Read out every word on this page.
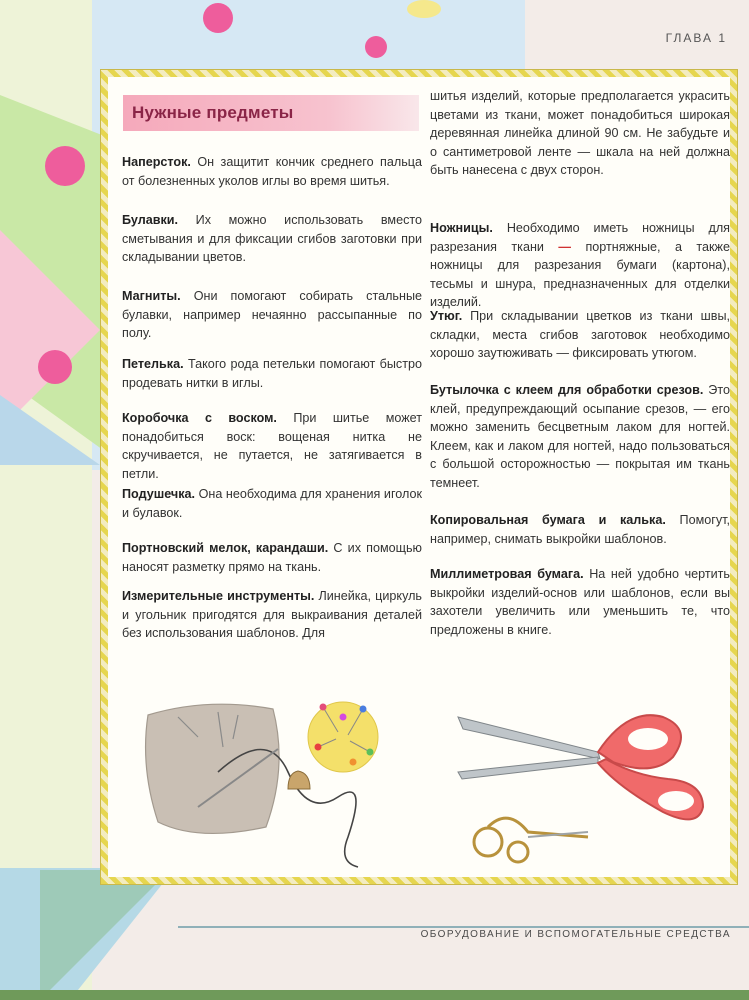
ГЛАВА 1
ОБОРУДОВАНИЕ И ВСПОМОГАТЕЛЬНЫЕ СРЕДСТВА
Нужные предметы

Наперсток. Он защитит кончик среднего пальца от болезненных уколов иглы во время шитья.

Булавки. Их можно использовать вместо сметывания и для фиксации сгибов заготовки при складывании цветов.

Магниты. Они помогают собирать стальные булавки, например нечаянно рассыпанные по полу.

Петелька. Такого рода петельки помогают быстро продевать нитки в иглы.

Коробочка с воском. При шитье может понадобиться воск: вощеная нитка не скручивается, не путается, не затягивается в петли.

Подушечка. Она необходима для хранения иголок и булавок.

Портновский мелок, карандаши. С их помощью наносят разметку прямо на ткань.

Измерительные инструменты. Линейка, циркуль и угольник пригодятся для выкраивания деталей без использования шаблонов. Для

шитья изделий, которые предполагается украсить цветами из ткани, может понадобиться широкая деревянная линейка длиной 90 см. Не забудьте и о сантиметровой ленте — шкала на ней должна быть нанесена с двух сторон.

Ножницы. Необходимо иметь ножницы для разрезания ткани — портняжные, а также ножницы для разрезания бумаги (картона), тесьмы и шнура, предназначенных для отделки изделий.

Утюг. При складывании цветков из ткани швы, складки, места сгибов заготовок необходимо хорошо заутюживать — фиксировать утюгом.

Бутылочка с клеем для обработки срезов. Это клей, предупреждающий осыпание срезов, — его можно заменить бесцветным лаком для ногтей. Клеем, как и лаком для ногтей, надо пользоваться с большой осторожностью — покрытая им ткань темнеет.

Копировальная бумага и калька. Помогут, например, снимать выкройки шаблонов.

Миллиметровая бумага. На ней удобно чертить выкройки изделий-основ или шаблонов, если вы захотели увеличить или уменьшить те, что предложены в книге.
